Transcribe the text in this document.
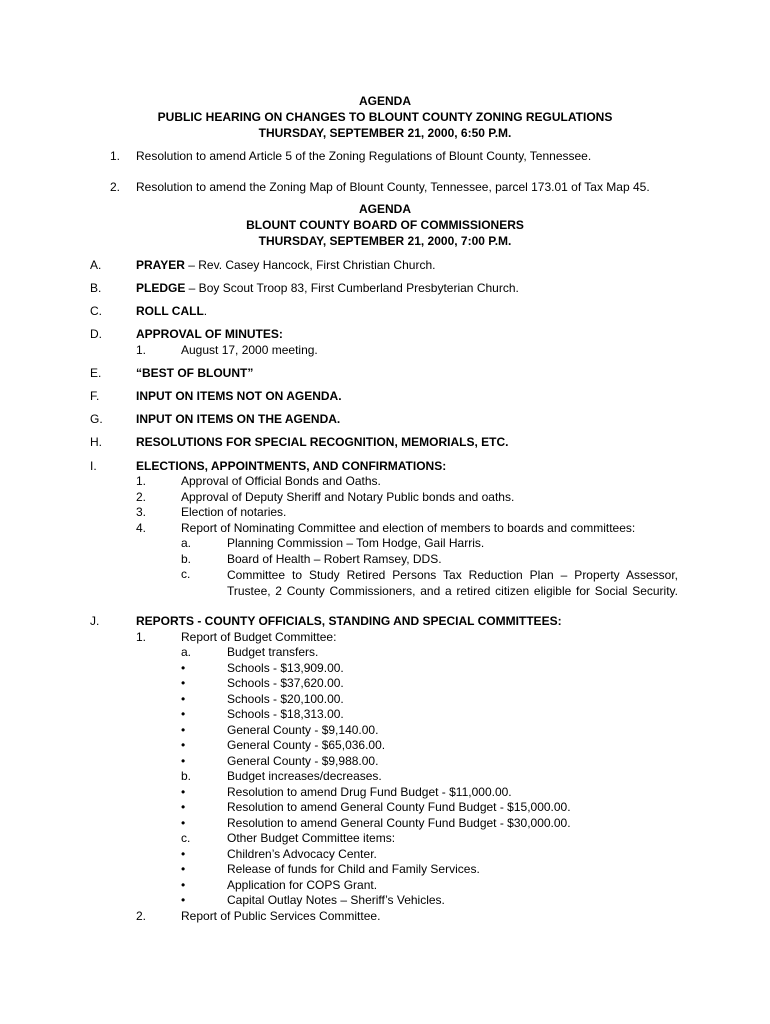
AGENDA
PUBLIC HEARING ON CHANGES TO BLOUNT COUNTY ZONING REGULATIONS
THURSDAY, SEPTEMBER 21, 2000, 6:50 P.M.
1. Resolution to amend Article 5 of the Zoning Regulations of Blount County, Tennessee.
2. Resolution to amend the Zoning Map of Blount County, Tennessee, parcel 173.01 of Tax Map 45.
AGENDA
BLOUNT COUNTY BOARD OF COMMISSIONERS
THURSDAY, SEPTEMBER 21, 2000, 7:00 P.M.
A.	PRAYER – Rev. Casey Hancock, First Christian Church.
B.	PLEDGE – Boy Scout Troop 83, First Cumberland Presbyterian Church.
C.	ROLL CALL.
D.	APPROVAL OF MINUTES:
1.	August 17, 2000 meeting.
E.	“BEST OF BLOUNT”
F.	INPUT ON ITEMS NOT ON AGENDA.
G.	INPUT ON ITEMS ON THE AGENDA.
H.	RESOLUTIONS FOR SPECIAL RECOGNITION, MEMORIALS, ETC.
I.	ELECTIONS, APPOINTMENTS, AND CONFIRMATIONS:
1.	Approval of Official Bonds and Oaths.
2.	Approval of Deputy Sheriff and Notary Public bonds and oaths.
3.	Election of notaries.
4.	Report of Nominating Committee and election of members to boards and committees:
a.	Planning Commission – Tom Hodge, Gail Harris.
b.	Board of Health – Robert Ramsey, DDS.
c.	Committee to Study Retired Persons Tax Reduction Plan – Property Assessor, Trustee, 2 County Commissioners, and a retired citizen eligible for Social Security.
J.	REPORTS - COUNTY OFFICIALS, STANDING AND SPECIAL COMMITTEES:
1.	Report of Budget Committee:
a.	Budget transfers.
•	Schools - $13,909.00.
•	Schools - $37,620.00.
•	Schools - $20,100.00.
•	Schools - $18,313.00.
•	General County - $9,140.00.
•	General County - $65,036.00.
•	General County - $9,988.00.
b.	Budget increases/decreases.
•	Resolution to amend Drug Fund Budget - $11,000.00.
•	Resolution to amend General County Fund Budget - $15,000.00.
•	Resolution to amend General County Fund Budget - $30,000.00.
c.	Other Budget Committee items:
•	Children’s Advocacy Center.
•	Release of funds for Child and Family Services.
•	Application for COPS Grant.
•	Capital Outlay Notes – Sheriff’s Vehicles.
2.	Report of Public Services Committee.
